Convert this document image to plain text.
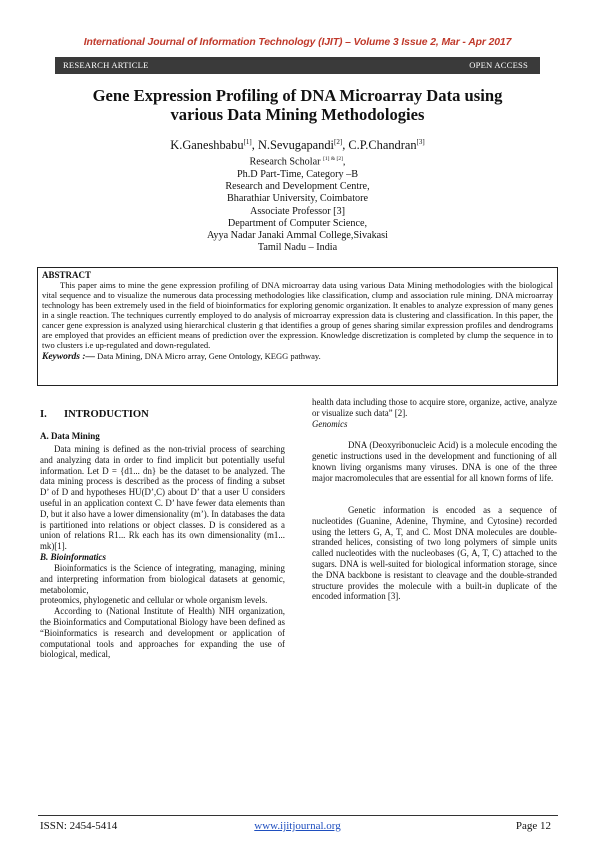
International Journal of Information Technology (IJIT) – Volume 3 Issue 2, Mar - Apr 2017
RESEARCH ARTICLE	OPEN ACCESS
Gene Expression Profiling of DNA Microarray Data using
various Data Mining Methodologies
K.Ganeshbabu[1], N.Sevugapandi[2], C.P.Chandran[3]
Research Scholar [1] & [2],
Ph.D Part-Time, Category –B
Research and Development Centre,
Bharathiar University, Coimbatore
Associate Professor [3]
Department of Computer Science,
Ayya Nadar Janaki Ammal College,Sivakasi
Tamil Nadu – India
ABSTRACT
This paper aims to mine the gene expression profiling of DNA microarray data using various Data Mining methodologies with the biological vital sequence and to visualize the numerous data processing methodologies like classification, clump and association rule mining. DNA microarray technology has been extremely used in the field of bioinformatics for exploring genomic organization. It enables to analyze expression of many genes in a single reaction. The techniques currently employed to do analysis of microarray expression data is clustering and classification. In this paper, the cancer gene expression is analyzed using hierarchical clusterin g that identifies a group of genes sharing similar expression profiles and dendrograms are employed that provides an efficient means of prediction over the expression. Knowledge discretization is completed by clump the sequence in to two clusters i.e up-regulated and down-regulated.
Keywords :— Data Mining, DNA Micro array, Gene Ontology, KEGG pathway.
I. INTRODUCTION
A. Data Mining

Data mining is defined as the non-trivial process of searching and analyzing data in order to find implicit but potentially useful information. Let D = {d1... dn} be the dataset to be analyzed. The data mining process is described as the process of finding a subset D’ of D and hypotheses HU(D’,C) about D’ that a user U considers useful in an application context C. D’ have fewer data elements than D, but it also have a lower dimensionality (m’). In databases the data is partitioned into relations or object classes. D is considered as a union of relations R1... Rk each has its own dimensionality (m1... mk)[1].

B. Bioinformatics

Bioinformatics is the Science of integrating, managing, mining and interpreting information from biological datasets at genomic, metabolomic,

proteomics, phylogenetic and cellular or whole organism levels.

According to (National Institute of Health) NIH organization, the Bioinformatics and Computational Biology have been defined as “Bioinformatics is research and development or application of computational tools and approaches for expanding the use of biological, medical,

health data including those to acquire store, organize, active, analyze or visualize such data” [2].

Genomics

DNA (Deoxyribonucleic Acid) is a molecule encoding the genetic instructions used in the development and functioning of all known living organisms many viruses. DNA is one of the three major macromolecules that are essential for all known forms of life.

Genetic information is encoded as a sequence of nucleotides (Guanine, Adenine, Thymine, and Cytosine) recorded using the letters G, A, T, and C. Most DNA molecules are double-stranded helices, consisting of two long polymers of simple units called nucleotides with the nucleobases (G, A, T, C) attached to the sugars. DNA is well-suited for biological information storage, since the DNA backbone is resistant to cleavage and the double-stranded structure provides the molecule with a built-in duplicate of the encoded information [3].

ISSN: 2454-5414	www.ijitjournal.org	Page 12
